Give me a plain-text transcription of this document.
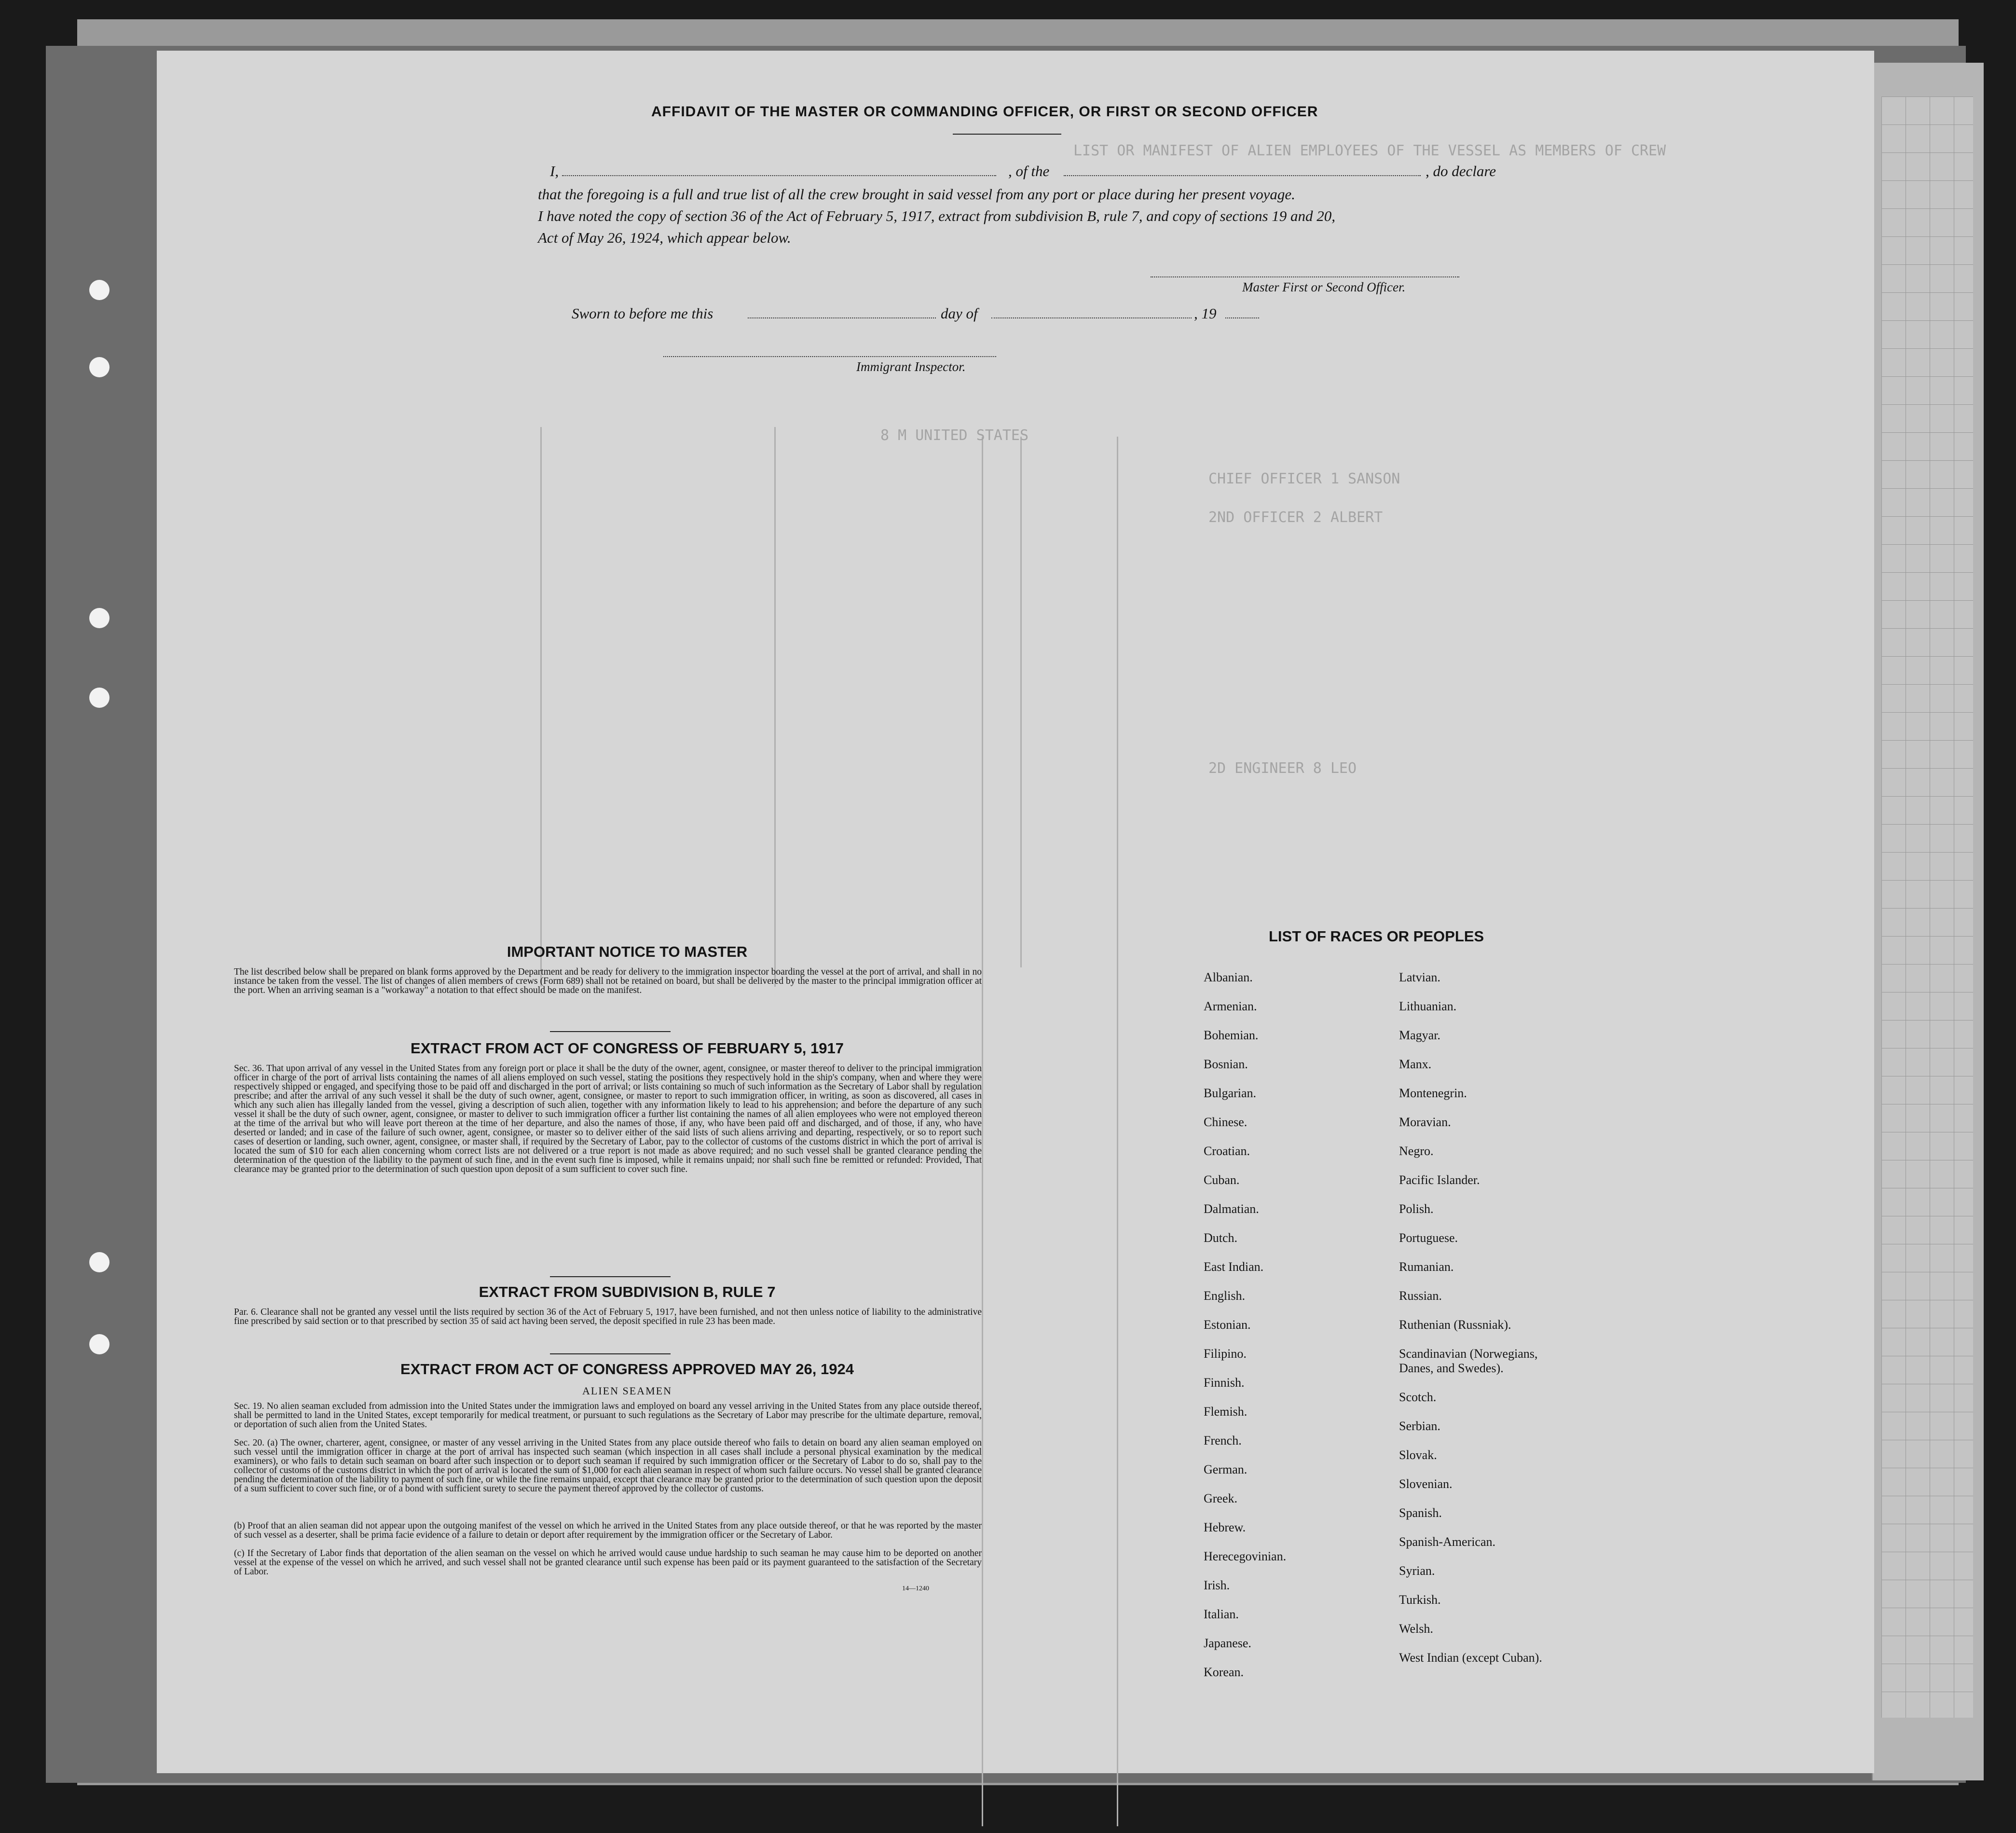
LIST OR MANIFEST OF ALIEN EMPLOYEES OF THE VESSEL AS MEMBERS OF CREW
8 M UNITED STATES
CHIEF OFFICER 1 SANSON
2ND OFFICER 2 ALBERT
2D ENGINEER 8 LEO
AFFIDAVIT OF THE MASTER OR COMMANDING OFFICER, OR FIRST OR SECOND OFFICER
I,	, of the	, do declare
that the foregoing is a full and true list of all the crew brought in said vessel from any port or place during her present voyage.
I have noted the copy of section 36 of the Act of February 5, 1917, extract from subdivision B, rule 7, and copy of sections 19 and 20,
Act of May 26, 1924, which appear below.
Master First or Second Officer.
Sworn to before me this	day of	, 19
Immigrant Inspector.
IMPORTANT NOTICE TO MASTER
The list described below shall be prepared on blank forms approved by the Department and be ready for delivery to the immigration inspector boarding the vessel at the port of arrival, and shall in no instance be taken from the vessel. The list of changes of alien members of crews (Form 689) shall not be retained on board, but shall be delivered by the master to the principal immigration officer at the port. When an arriving seaman is a "workaway" a notation to that effect should be made on the manifest.
EXTRACT FROM ACT OF CONGRESS OF FEBRUARY 5, 1917
Sec. 36. That upon arrival of any vessel in the United States from any foreign port or place it shall be the duty of the owner, agent, consignee, or master thereof to deliver to the principal immigration officer in charge of the port of arrival lists containing the names of all aliens employed on such vessel, stating the positions they respectively hold in the ship's company, when and where they were respectively shipped or engaged, and specifying those to be paid off and discharged in the port of arrival; or lists containing so much of such information as the Secretary of Labor shall by regulation prescribe; and after the arrival of any such vessel it shall be the duty of such owner, agent, consignee, or master to report to such immigration officer, in writing, as soon as discovered, all cases in which any such alien has illegally landed from the vessel, giving a description of such alien, together with any information likely to lead to his apprehension; and before the departure of any such vessel it shall be the duty of such owner, agent, consignee, or master to deliver to such immigration officer a further list containing the names of all alien employees who were not employed thereon at the time of the arrival but who will leave port thereon at the time of her departure, and also the names of those, if any, who have been paid off and discharged, and of those, if any, who have deserted or landed; and in case of the failure of such owner, agent, consignee, or master so to deliver either of the said lists of such aliens arriving and departing, respectively, or so to report such cases of desertion or landing, such owner, agent, consignee, or master shall, if required by the Secretary of Labor, pay to the collector of customs of the customs district in which the port of arrival is located the sum of $10 for each alien concerning whom correct lists are not delivered or a true report is not made as above required; and no such vessel shall be granted clearance pending the determination of the question of the liability to the payment of such fine, and in the event such fine is imposed, while it remains unpaid; nor shall such fine be remitted or refunded: Provided, That clearance may be granted prior to the determination of such question upon deposit of a sum sufficient to cover such fine.
EXTRACT FROM SUBDIVISION B, RULE 7
Par. 6. Clearance shall not be granted any vessel until the lists required by section 36 of the Act of February 5, 1917, have been furnished, and not then unless notice of liability to the administrative fine prescribed by said section or to that prescribed by section 35 of said act having been served, the deposit specified in rule 23 has been made.
EXTRACT FROM ACT OF CONGRESS APPROVED MAY 26, 1924
ALIEN SEAMEN
Sec. 19. No alien seaman excluded from admission into the United States under the immigration laws and employed on board any vessel arriving in the United States from any place outside thereof, shall be permitted to land in the United States, except temporarily for medical treatment, or pursuant to such regulations as the Secretary of Labor may prescribe for the ultimate departure, removal, or deportation of such alien from the United States.
Sec. 20. (a) The owner, charterer, agent, consignee, or master of any vessel arriving in the United States from any place outside thereof who fails to detain on board any alien seaman employed on such vessel until the immigration officer in charge at the port of arrival has inspected such seaman (which inspection in all cases shall include a personal physical examination by the medical examiners), or who fails to detain such seaman on board after such inspection or to deport such seaman if required by such immigration officer or the Secretary of Labor to do so, shall pay to the collector of customs of the customs district in which the port of arrival is located the sum of $1,000 for each alien seaman in respect of whom such failure occurs. No vessel shall be granted clearance pending the determination of the liability to payment of such fine, or while the fine remains unpaid, except that clearance may be granted prior to the determination of such question upon the deposit of a sum sufficient to cover such fine, or of a bond with sufficient surety to secure the payment thereof approved by the collector of customs.
(b) Proof that an alien seaman did not appear upon the outgoing manifest of the vessel on which he arrived in the United States from any place outside thereof, or that he was reported by the master of such vessel as a deserter, shall be prima facie evidence of a failure to detain or deport after requirement by the immigration officer or the Secretary of Labor.
(c) If the Secretary of Labor finds that deportation of the alien seaman on the vessel on which he arrived would cause undue hardship to such seaman he may cause him to be deported on another vessel at the expense of the vessel on which he arrived, and such vessel shall not be granted clearance until such expense has been paid or its payment guaranteed to the satisfaction of the Secretary of Labor.
14—1240
LIST OF RACES OR PEOPLES
Albanian.
Armenian.
Bohemian.
Bosnian.
Bulgarian.
Chinese.
Croatian.
Cuban.
Dalmatian.
Dutch.
East Indian.
English.
Estonian.
Filipino.
Finnish.
Flemish.
French.
German.
Greek.
Hebrew.
Herecegovinian.
Irish.
Italian.
Japanese.
Korean.
Latvian.
Lithuanian.
Magyar.
Manx.
Montenegrin.
Moravian.
Negro.
Pacific Islander.
Polish.
Portuguese.
Rumanian.
Russian.
Ruthenian (Russniak).
Scandinavian (Norwegians,
Danes, and Swedes).
Scotch.
Serbian.
Slovak.
Slovenian.
Spanish.
Spanish-American.
Syrian.
Turkish.
Welsh.
West Indian (except Cuban).
